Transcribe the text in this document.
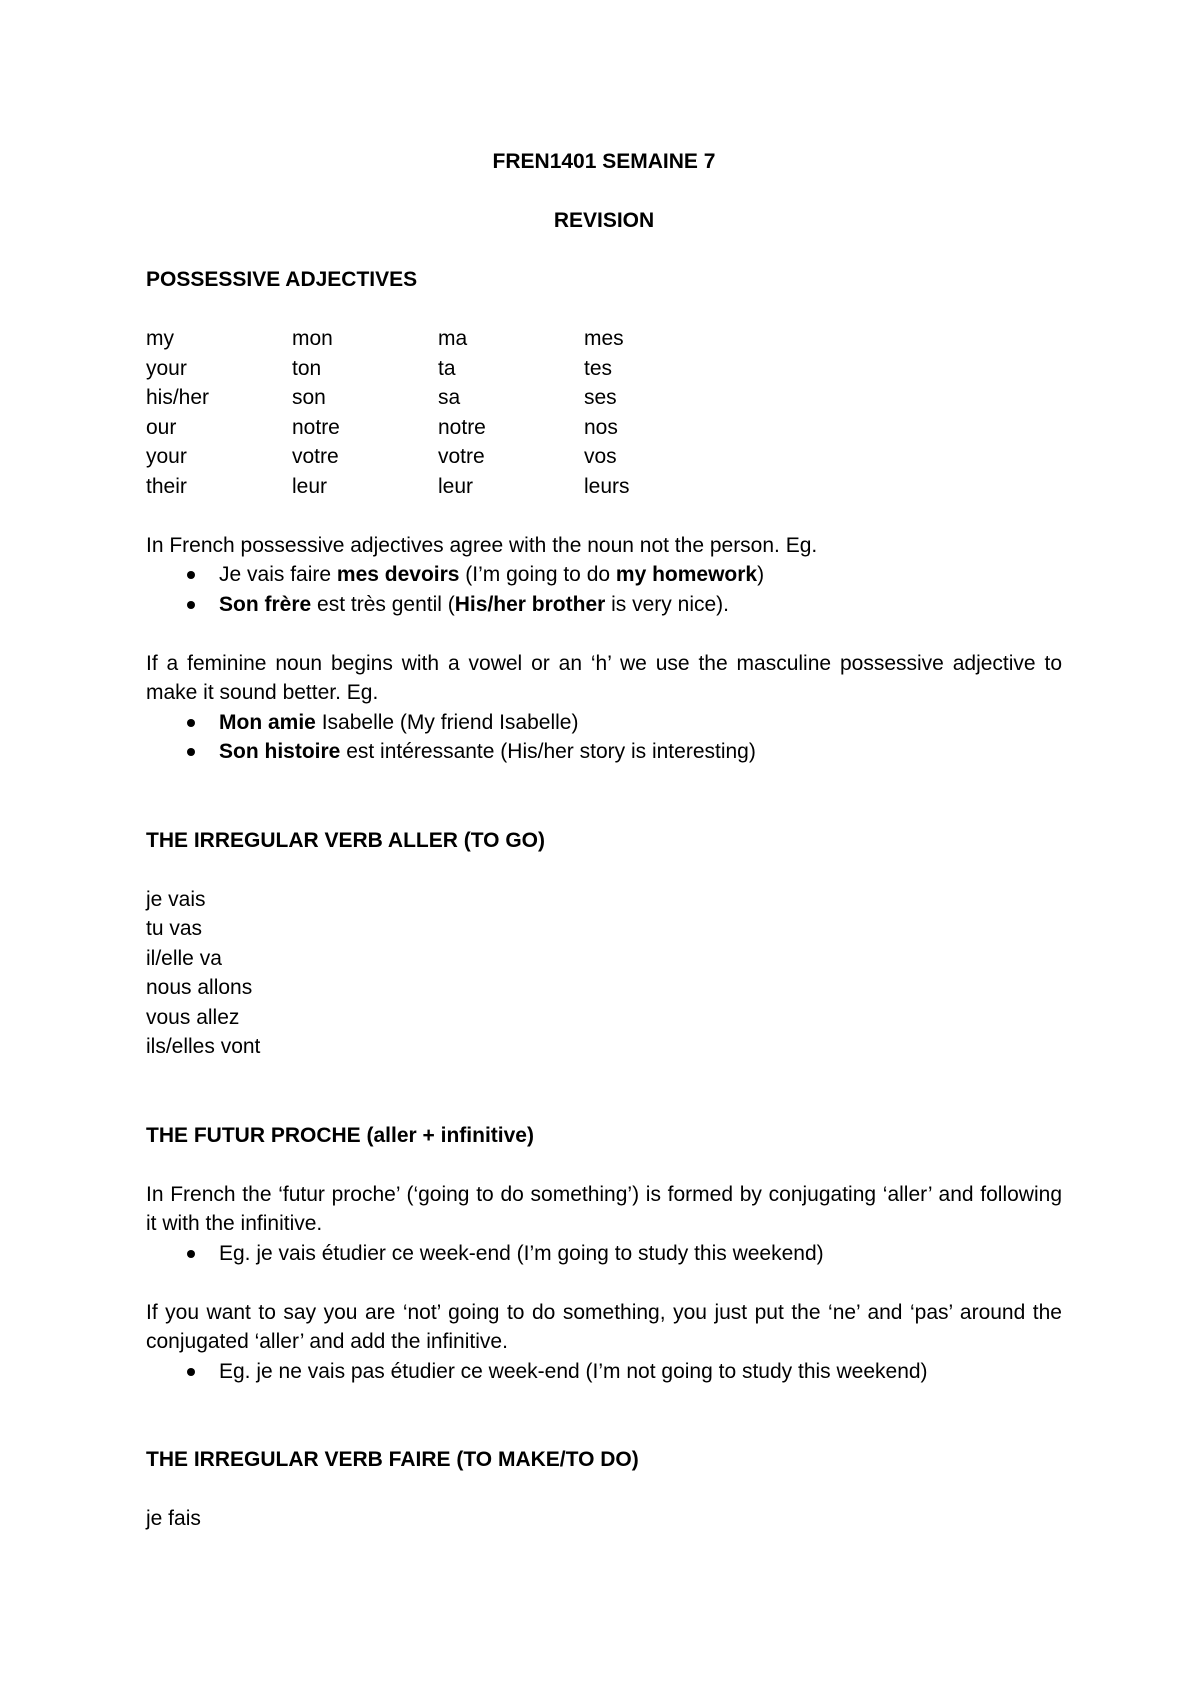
FREN1401 SEMAINE 7
REVISION
POSSESSIVE ADJECTIVES
my	mon	ma	mes
your	ton	ta	tes
his/her	son	sa	ses
our	notre	notre	nos
your	votre	votre	vos
their	leur	leur	leurs
In French possessive adjectives agree with the noun not the person. Eg.
Je vais faire mes devoirs (I’m going to do my homework)
Son frère est très gentil (His/her brother is very nice).
If a feminine noun begins with a vowel or an ‘h’ we use the masculine possessive adjective to make it sound better. Eg.
Mon amie Isabelle (My friend Isabelle)
Son histoire est intéressante (His/her story is interesting)
THE IRREGULAR VERB ALLER (TO GO)
je vais
tu vas
il/elle va
nous allons
vous allez
ils/elles vont
THE FUTUR PROCHE (aller + infinitive)
In French the ‘futur proche’ (‘going to do something’) is formed by conjugating ‘aller’ and following it with the infinitive.
Eg. je vais étudier ce week-end (I’m going to study this weekend)
If you want to say you are ‘not’ going to do something, you just put the ‘ne’ and ‘pas’ around the conjugated ‘aller’ and add the infinitive.
Eg. je ne vais pas étudier ce week-end (I’m not going to study this weekend)
THE IRREGULAR VERB FAIRE (TO MAKE/TO DO)
je fais
